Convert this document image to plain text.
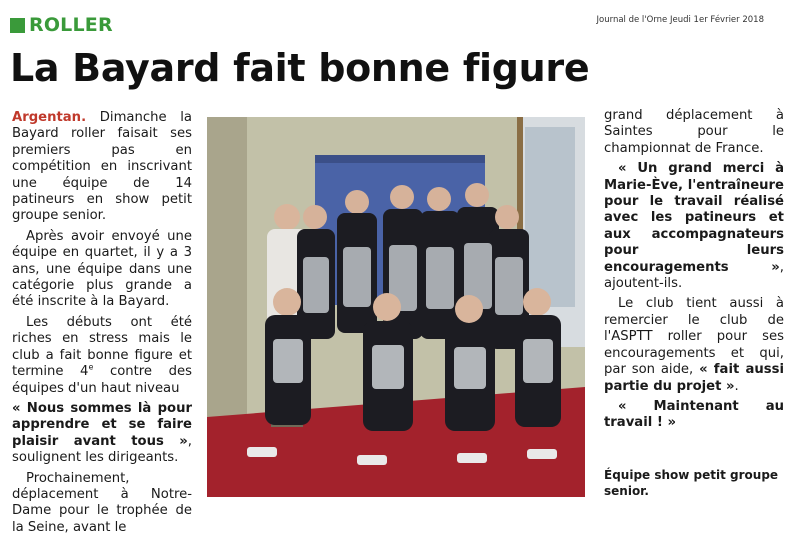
ROLLER	Journal de l'Orne Jeudi 1er Février 2018
La Bayard fait bonne figure

Argentan. Dimanche la Bayard roller faisait ses premiers pas en compétition en inscrivant une équipe de 14 patineurs en show petit groupe senior.

Après avoir envoyé une équipe en quartet, il y a 3 ans, une équipe dans une catégorie plus grande a été inscrite à la Bayard.

Les débuts ont été riches en stress mais le club a fait bonne figure et termine 4e contre des équipes d'un haut niveau

« Nous sommes là pour apprendre et se faire plaisir avant tous », soulignent les dirigeants.

Prochainement, déplacement à Notre-Dame pour le trophée de la Seine, avant le

grand déplacement à Saintes pour le championnat de France.

« Un grand merci à Marie-Ève, l'entraîneure pour le travail réalisé avec les patineurs et aux accompagnateurs pour leurs encouragements », ajoutent-ils.

Le club tient aussi à remercier le club de l'ASPTT roller pour ses encouragements et qui, par son aide, « fait aussi partie du projet ».

« Maintenant au travail ! »

Équipe show petit groupe senior.
